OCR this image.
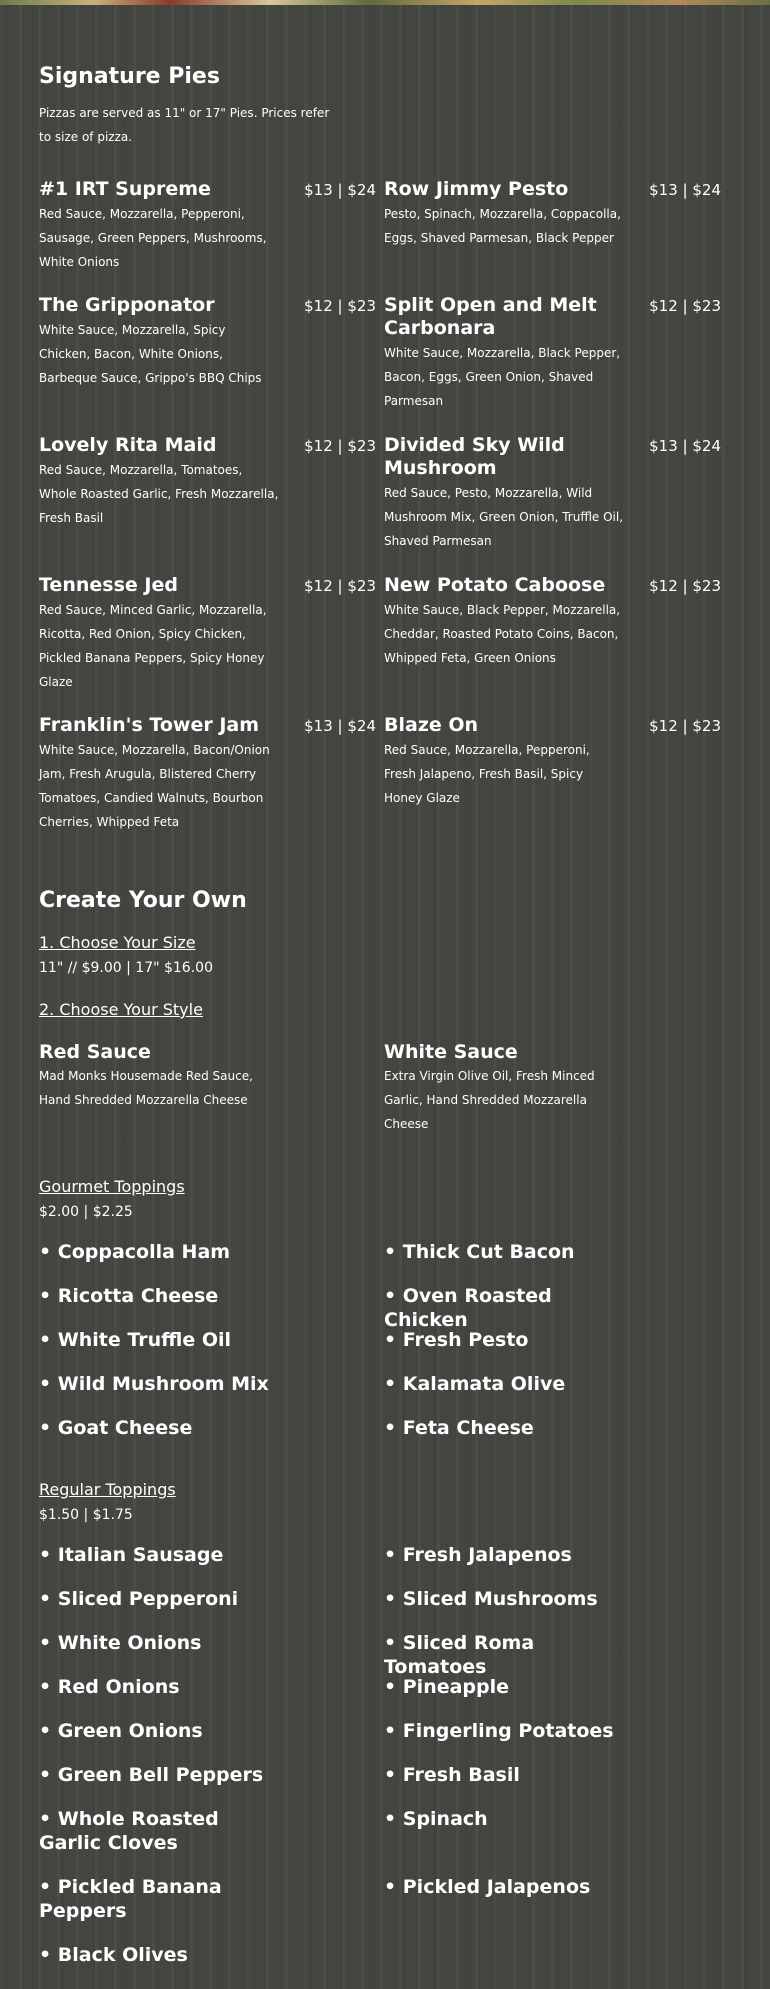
Signature Pies
Pizzas are served as 11" or 17" Pies. Prices refer to size of pizza.
#1 IRT Supreme	$13 | $24
Red Sauce, Mozzarella, Pepperoni, Sausage, Green Peppers, Mushrooms, White Onions
Row Jimmy Pesto	$13 | $24
Pesto, Spinach, Mozzarella, Coppacolla, Eggs, Shaved Parmesan, Black Pepper
The Gripponator	$12 | $23
White Sauce, Mozzarella, Spicy Chicken, Bacon, White Onions, Barbeque Sauce, Grippo's BBQ Chips
Split Open and Melt Carbonara
$12 | $23
White Sauce, Mozzarella, Black Pepper, Bacon, Eggs, Green Onion, Shaved Parmesan
Lovely Rita Maid	$12 | $23
Red Sauce, Mozzarella, Tomatoes, Whole Roasted Garlic, Fresh Mozzarella, Fresh Basil
Divided Sky Wild Mushroom
$13 | $24
Red Sauce, Pesto, Mozzarella, Wild Mushroom Mix, Green Onion, Truffle Oil, Shaved Parmesan
Tennesse Jed	$12 | $23
Red Sauce, Minced Garlic, Mozzarella, Ricotta, Red Onion, Spicy Chicken, Pickled Banana Peppers, Spicy Honey Glaze
New Potato Caboose	$12 | $23
White Sauce, Black Pepper, Mozzarella, Cheddar, Roasted Potato Coins, Bacon, Whipped Feta, Green Onions
Franklin's Tower Jam	$13 | $24
White Sauce, Mozzarella, Bacon/Onion Jam, Fresh Arugula, Blistered Cherry Tomatoes, Candied Walnuts, Bourbon Cherries, Whipped Feta
Blaze On	$12 | $23
Red Sauce, Mozzarella, Pepperoni, Fresh Jalapeno, Fresh Basil, Spicy Honey Glaze
Create Your Own
1. Choose Your Size
11" // $9.00 | 17" $16.00
2. Choose Your Style
Red Sauce
Mad Monks Housemade Red Sauce, Hand Shredded Mozzarella Cheese
White Sauce
Extra Virgin Olive Oil, Fresh Minced Garlic, Hand Shredded Mozzarella Cheese
Gourmet Toppings
$2.00 | $2.25
• Coppacolla Ham	• Thick Cut Bacon
• Ricotta Cheese	• Oven Roasted Chicken
• White Truffle Oil	• Fresh Pesto
• Wild Mushroom Mix	• Kalamata Olive
• Goat Cheese	• Feta Cheese
Regular Toppings
$1.50 | $1.75
• Italian Sausage	• Fresh Jalapenos
• Sliced Pepperoni	• Sliced Mushrooms
• White Onions	• Sliced Roma Tomatoes
• Red Onions	• Pineapple
• Green Onions	• Fingerling Potatoes
• Green Bell Peppers	• Fresh Basil
• Whole Roasted Garlic Cloves
• Spinach
• Pickled Banana Peppers
• Pickled Jalapenos
• Black Olives
